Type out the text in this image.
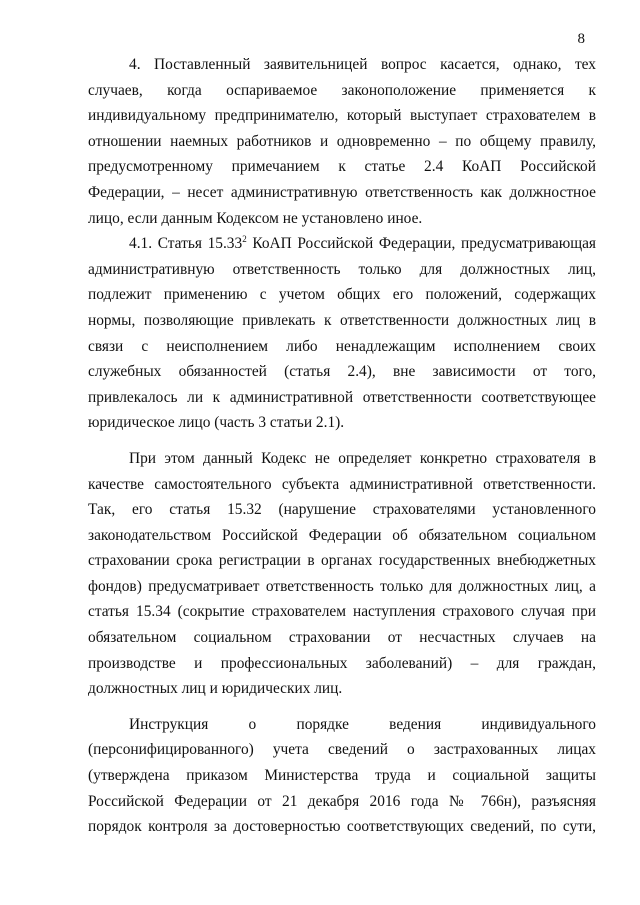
8
4. Поставленный заявительницей вопрос касается, однако, тех
случаев, когда оспариваемое законоположение применяется к
индивидуальному предпринимателю, который выступает страхователем в
отношении наемных работников и одновременно – по общему правилу,
предусмотренному примечанием к статье 2.4 КоАП Российской
Федерации, – несет административную ответственность как должностное
лицо, если данным Кодексом не установлено иное.
4.1. Статья 15.33$^2$ КоАП Российской Федерации, предусматривающая
административную ответственность только для должностных лиц,
подлежит применению с учетом общих его положений, содержащих
нормы, позволяющие привлекать к ответственности должностных лиц в
связи с неисполнением либо ненадлежащим исполнением своих
служебных обязанностей (статья 2.4), вне зависимости от того,
привлекалось ли к административной ответственности соответствующее
юридическое лицо (часть 3 статьи 2.1).
При этом данный Кодекс не определяет конкретно страхователя в
качестве самостоятельного субъекта административной ответственности.
Так, его статья 15.32 (нарушение страхователями установленного
законодательством Российской Федерации об обязательном социальном
страховании срока регистрации в органах государственных внебюджетных
фондов) предусматривает ответственность только для должностных лиц, а
статья 15.34 (сокрытие страхователем наступления страхового случая при
обязательном социальном страховании от несчастных случаев на
производстве и профессиональных заболеваний) – для граждан,
должностных лиц и юридических лиц.
Инструкция о порядке ведения индивидуального
(персонифицированного) учета сведений о застрахованных лицах
(утверждена приказом Министерства труда и социальной защиты
Российской Федерации от 21 декабря 2016 года № 766н), разъясняя
порядок контроля за достоверностью соответствующих сведений, по сути,
